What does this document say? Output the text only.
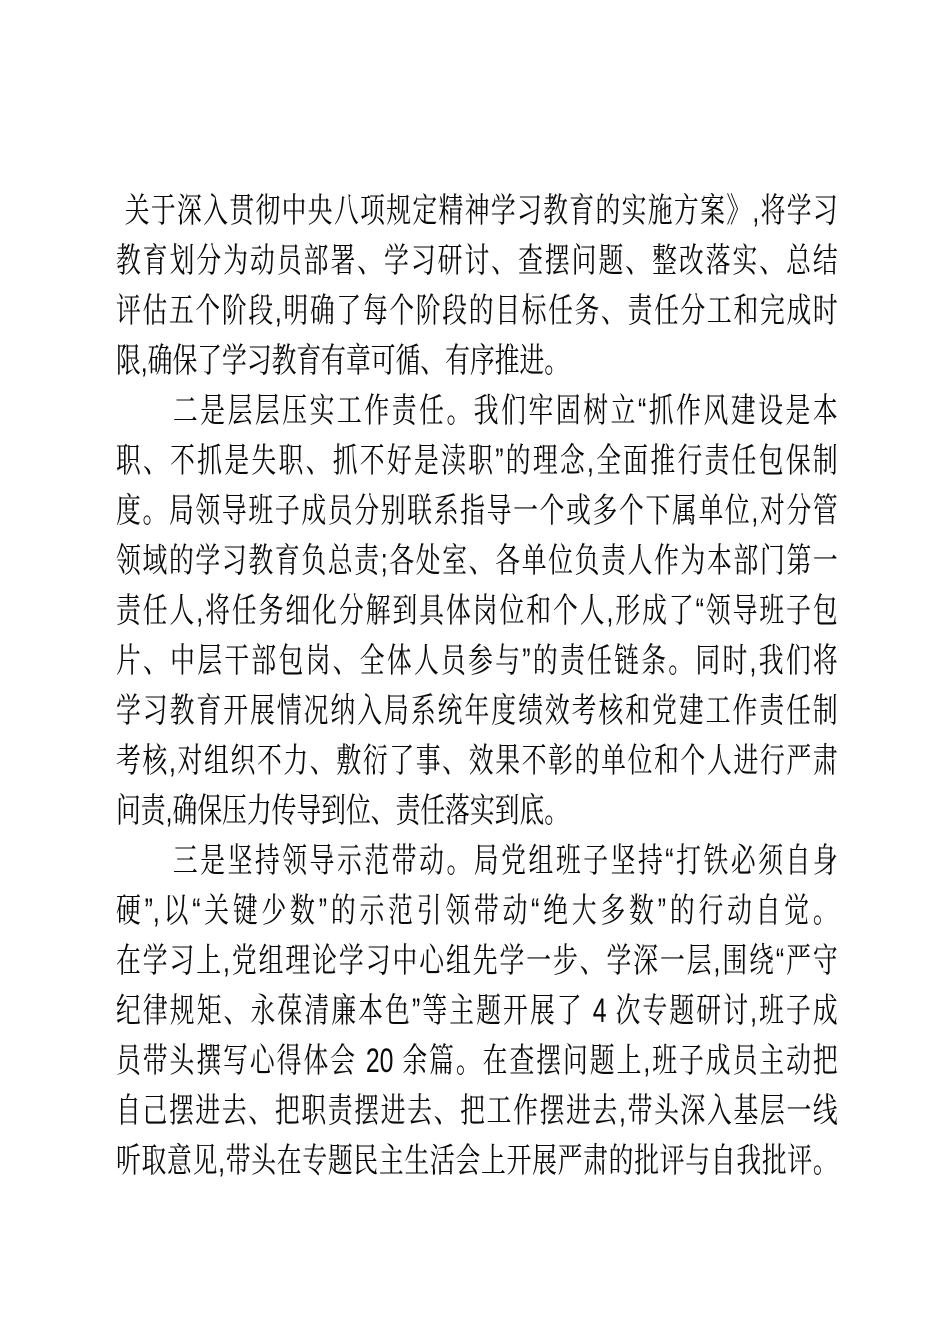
关于深入贯彻中央八项规定精神学习教育的实施方案》,将学习
教育划分为动员部署、学习研讨、查摆问题、整改落实、总结
评估五个阶段,明确了每个阶段的目标任务、责任分工和完成时
限,确保了学习教育有章可循、有序推进。
二是层层压实工作责任。我们牢固树立“抓作风建设是本
职、不抓是失职、抓不好是渎职”的理念,全面推行责任包保制
度。局领导班子成员分别联系指导一个或多个下属单位,对分管
领域的学习教育负总责;各处室、各单位负责人作为本部门第一
责任人,将任务细化分解到具体岗位和个人,形成了“领导班子包
片、中层干部包岗、全体人员参与”的责任链条。同时,我们将
学习教育开展情况纳入局系统年度绩效考核和党建工作责任制
考核,对组织不力、敷衍了事、效果不彰的单位和个人进行严肃
问责,确保压力传导到位、责任落实到底。
三是坚持领导示范带动。局党组班子坚持“打铁必须自身
硬”,以“关键少数”的示范引领带动“绝大多数”的行动自觉。
在学习上,党组理论学习中心组先学一步、学深一层,围绕“严守
纪律规矩、永葆清廉本色”等主题开展了 4 次专题研讨,班子成
员带头撰写心得体会 20 余篇。在查摆问题上,班子成员主动把
自己摆进去、把职责摆进去、把工作摆进去,带头深入基层一线
听取意见,带头在专题民主生活会上开展严肃的批评与自我批评。
